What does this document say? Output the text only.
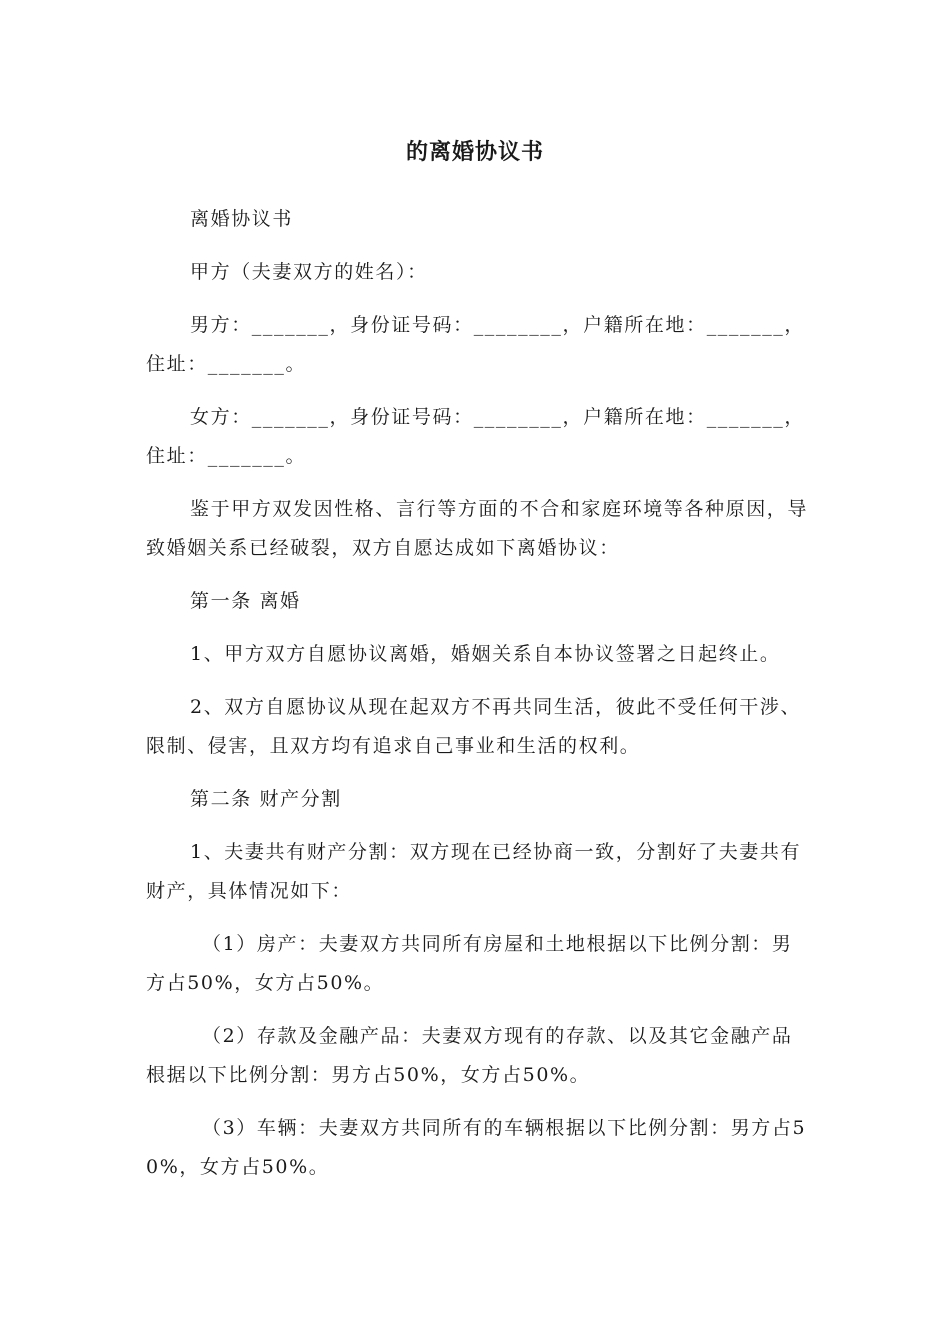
的离婚协议书

离婚协议书

甲方（夫妻双方的姓名）：

男方：_______，身份证号码：________，户籍所在地：_______，住址：_______。

女方：_______，身份证号码：________，户籍所在地：_______，住址：_______。

鉴于甲方双发因性格、言行等方面的不合和家庭环境等各种原因，导致婚姻关系已经破裂，双方自愿达成如下离婚协议：

第一条 离婚

1、甲方双方自愿协议离婚，婚姻关系自本协议签署之日起终止。

2、双方自愿协议从现在起双方不再共同生活，彼此不受任何干涉、限制、侵害，且双方均有追求自己事业和生活的权利。

第二条 财产分割

1、夫妻共有财产分割：双方现在已经协商一致，分割好了夫妻共有财产，具体情况如下：

（1）房产：夫妻双方共同所有房屋和土地根据以下比例分割：男方占50%，女方占50%。

（2）存款及金融产品：夫妻双方现有的存款、以及其它金融产品根据以下比例分割：男方占50%，女方占50%。

（3）车辆：夫妻双方共同所有的车辆根据以下比例分割：男方占50%，女方占50%。
